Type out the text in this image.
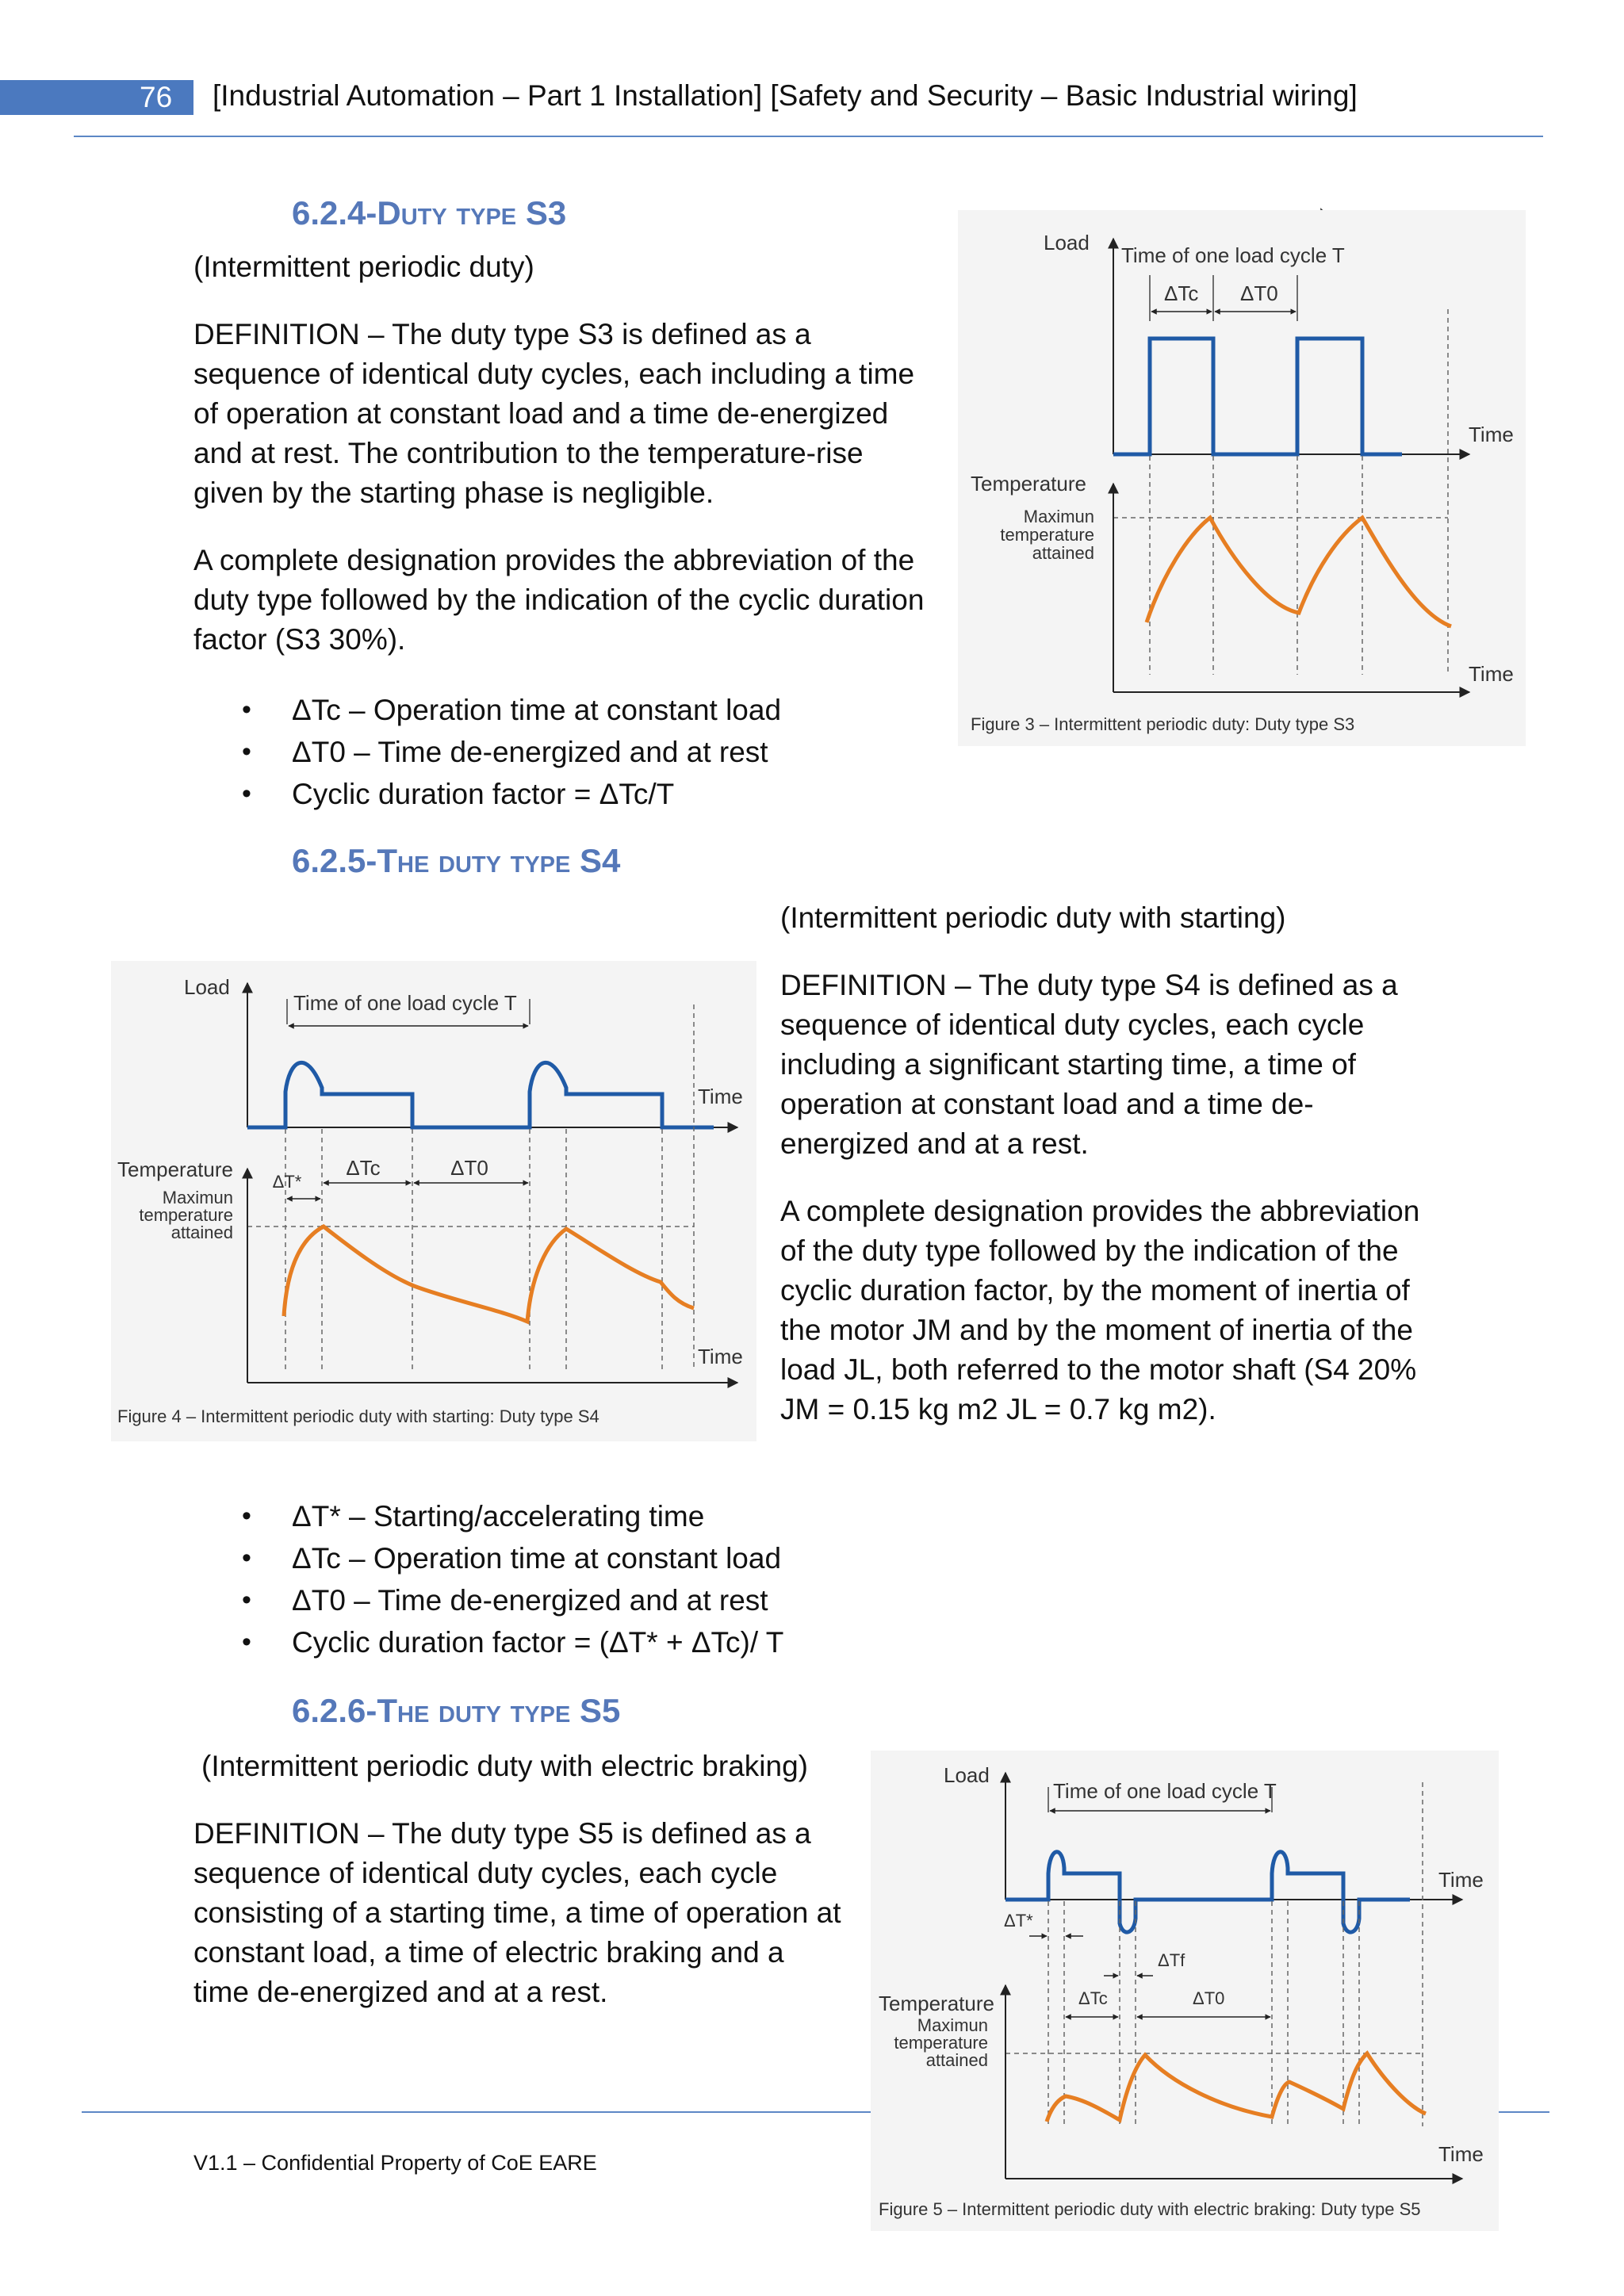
76 [Industrial Automation – Part 1 Installation] [Safety and Security – Basic Industrial wiring]
6.2.4-Duty type S3

(Intermittent periodic duty)

DEFINITION – The duty type S3 is defined as a sequence of identical duty cycles, each including a time of operation at constant load and a time de-energized and at rest. The contribution to the temperature-rise given by the starting phase is negligible.

A complete designation provides the abbreviation of the duty type followed by the indication of the cyclic duration factor (S3 30%).

• ΔTc – Operation time at constant load
• ΔT0 – Time de-energized and at rest
• Cyclic duration factor = ΔTc/T
Load
Time of one load cycle T
ΔTc ΔT0
Time
Temperature
Maximun
temperature
attained
Time
Figure 3 – Intermittent periodic duty: Duty type S3
6.2.5-The duty type S4

(Intermittent periodic duty with starting)

DEFINITION – The duty type S4 is defined as a sequence of identical duty cycles, each cycle including a significant starting time, a time of operation at constant load and a time de-energized and at a rest.

A complete designation provides the abbreviation of the duty type followed by the indication of the cyclic duration factor, by the moment of inertia of the motor JM and by the moment of inertia of the load JL, both referred to the motor shaft (S4 20% JM = 0.15 kg m2 JL = 0.7 kg m2).

Load
Time of one load cycle T
Time
Temperature
ΔT*
ΔTc	ΔT0
Maximun
temperature
attained
Time
Figure 4 – Intermittent periodic duty with starting: Duty type S4
• ΔT* – Starting/accelerating time
• ΔTc – Operation time at constant load
• ΔT0 – Time de-energized and at rest
• Cyclic duration factor = (ΔT* + ΔTc)/ T
6.2.6-The duty type S5

(Intermittent periodic duty with electric braking)

DEFINITION – The duty type S5 is defined as a sequence of identical duty cycles, each cycle consisting of a starting time, a time of operation at constant load, a time of electric braking and a time de-energized and at a rest.

V1.1 – Confidential Property of CoE EARE
Load
Time of one load cycle T
Time
ΔT*
ΔTf
ΔTc	ΔT0
Temperature
Maximun
temperature
attained
Time
Figure 5 – Intermittent periodic duty with electric braking: Duty type S5
